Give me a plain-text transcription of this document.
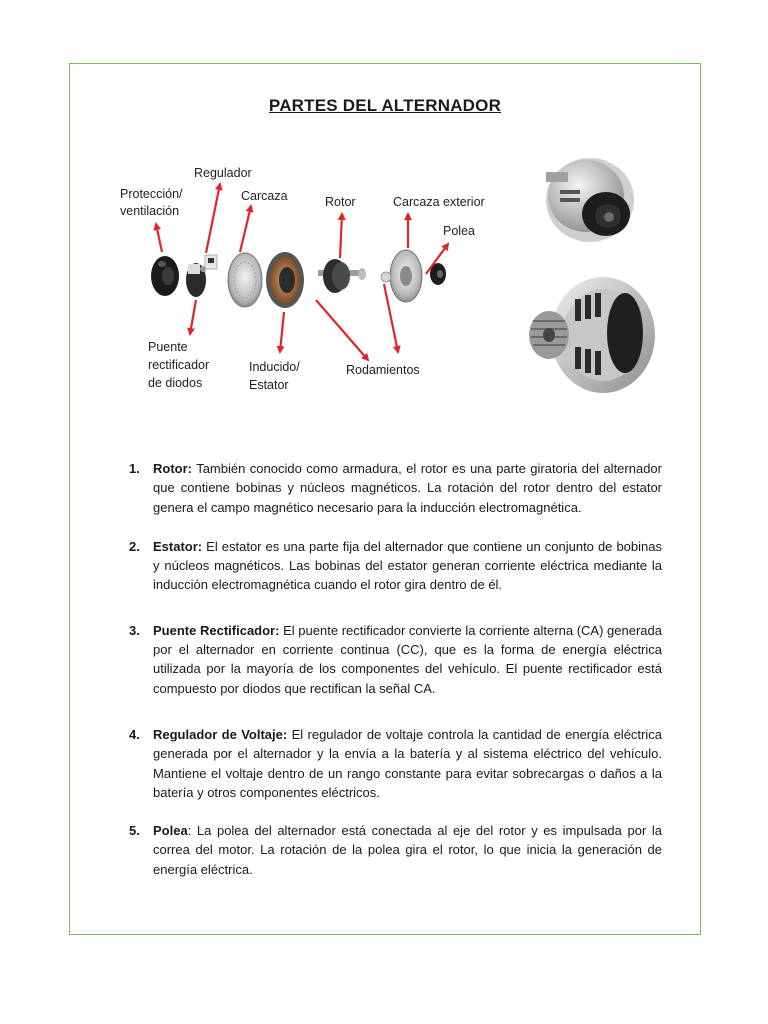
PARTES DEL ALTERNADOR
Regulador
Protección/
ventilación
Carcaza	Rotor	Carcaza exterior
Polea
Puente
rectificador
de diodos
Inducido/
Estator
Rodamientos
1. Rotor: También conocido como armadura, el rotor es una parte giratoria del alternador que contiene bobinas y núcleos magnéticos. La rotación del rotor dentro del estator genera el campo magnético necesario para la inducción electromagnética.
2. Estator: El estator es una parte fija del alternador que contiene un conjunto de bobinas y núcleos magnéticos. Las bobinas del estator generan corriente eléctrica mediante la inducción electromagnética cuando el rotor gira dentro de él.
3. Puente Rectificador: El puente rectificador convierte la corriente alterna (CA) generada por el alternador en corriente continua (CC), que es la forma de energía eléctrica utilizada por la mayoría de los componentes del vehículo. El puente rectificador está compuesto por diodos que rectifican la señal CA.
4. Regulador de Voltaje: El regulador de voltaje controla la cantidad de energía eléctrica generada por el alternador y la envía a la batería y al sistema eléctrico del vehículo. Mantiene el voltaje dentro de un rango constante para evitar sobrecargas o daños a la batería y otros componentes eléctricos.
5. Polea: La polea del alternador está conectada al eje del rotor y es impulsada por la correa del motor. La rotación de la polea gira el rotor, lo que inicia la generación de energía eléctrica.
